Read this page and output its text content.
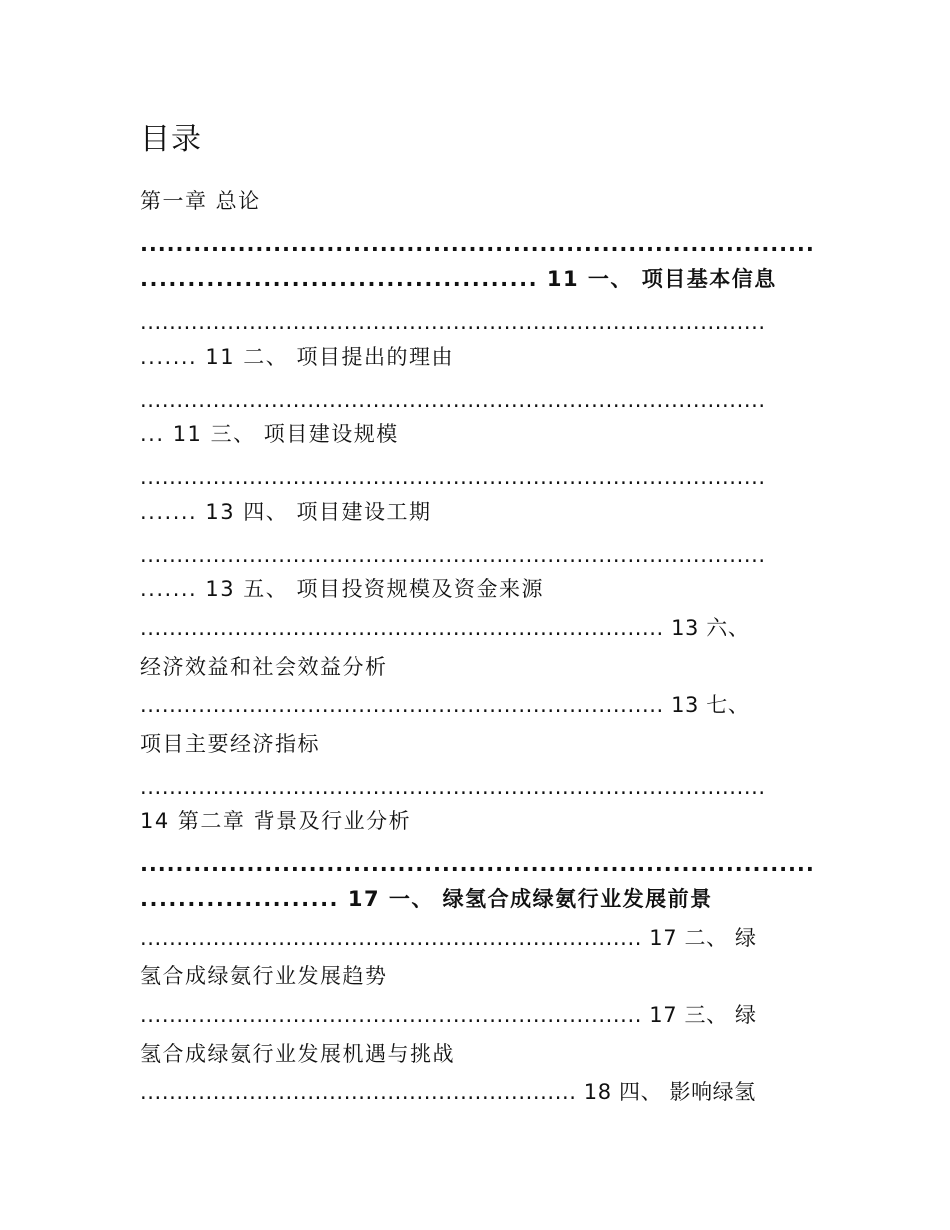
目录
第一章 总论
............................................................................
.......................................... 11 一、 项目基本信息
......................................................................................
....... 11 二、 项目提出的理由
......................................................................................
... 11 三、 项目建设规模
......................................................................................
....... 13 四、 项目建设工期
......................................................................................
....... 13 五、 项目投资规模及资金来源
........................................................................ 13 六、
经济效益和社会效益分析
........................................................................ 13 七、
项目主要经济指标
......................................................................................
14 第二章 背景及行业分析
............................................................................
..................... 17 一、 绿氢合成绿氨行业发展前景
..................................................................... 17 二、 绿
氢合成绿氨行业发展趋势
..................................................................... 17 三、 绿
氢合成绿氨行业发展机遇与挑战
............................................................ 18 四、 影响绿氢
